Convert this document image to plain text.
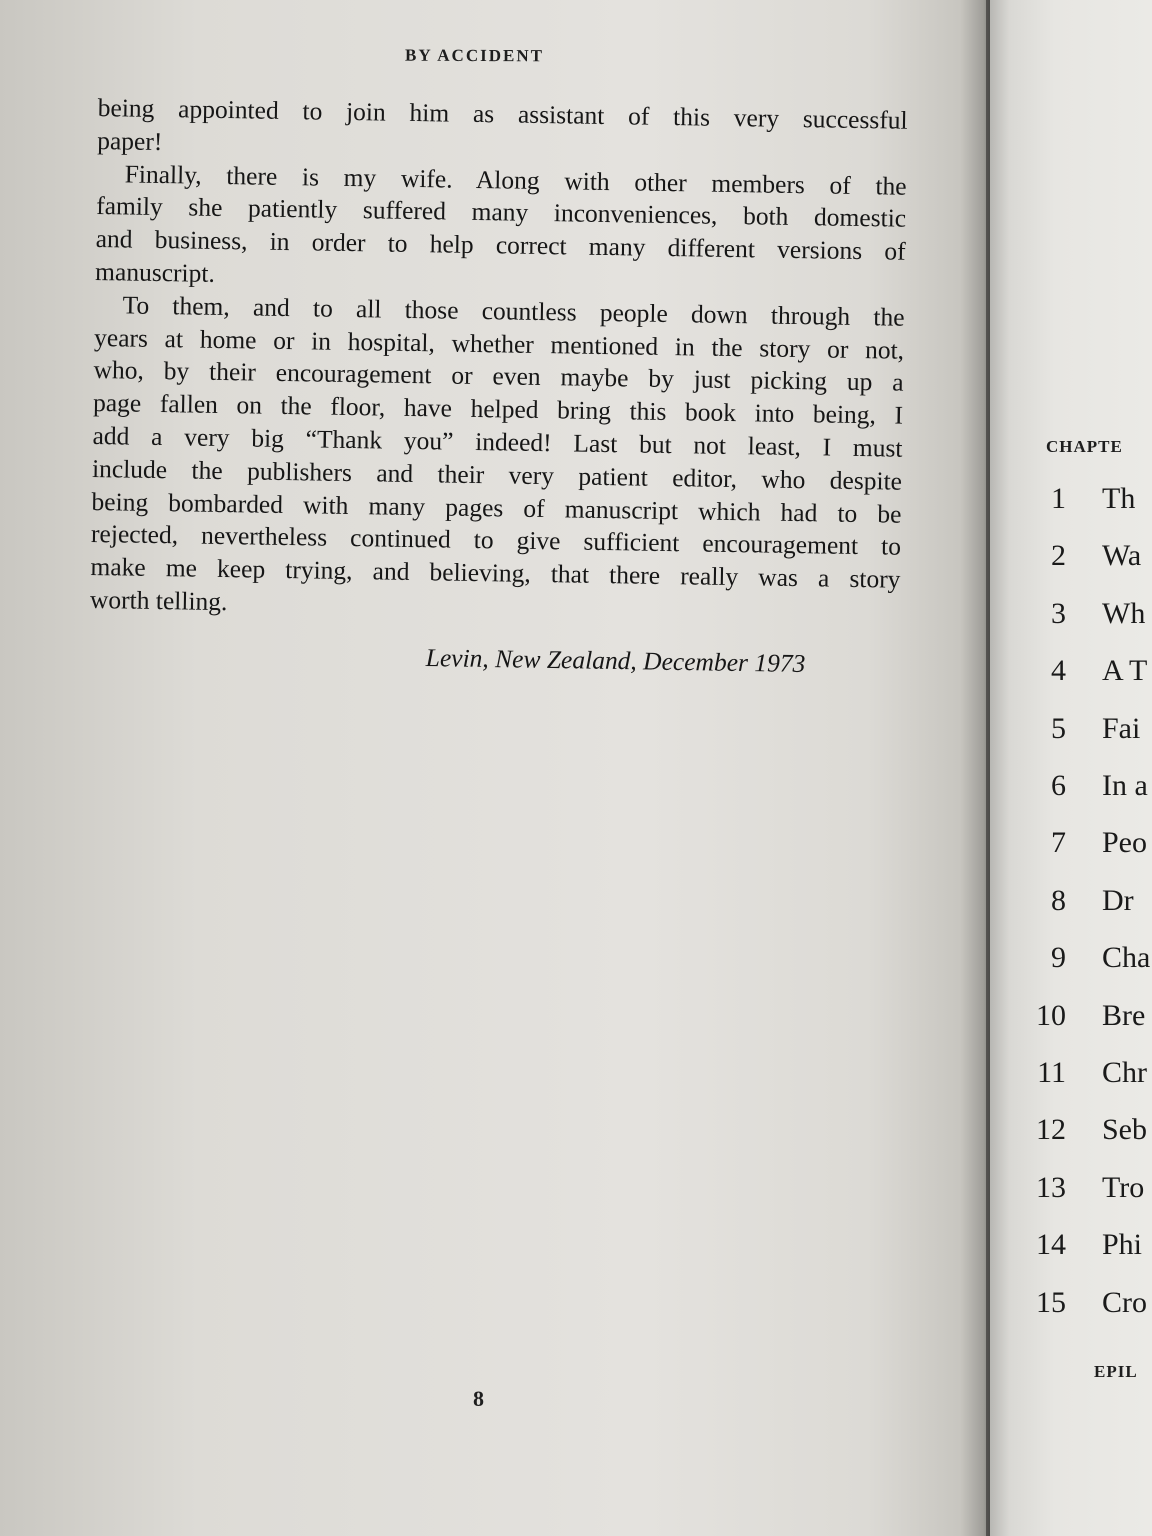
BY ACCIDENT
being appointed to join him as assistant of this very successful
paper!
Finally, there is my wife. Along with other members of the
family she patiently suffered many inconveniences, both domestic
and business, in order to help correct many different versions of
manuscript.
To them, and to all those countless people down through the
years at home or in hospital, whether mentioned in the story or not,
who, by their encouragement or even maybe by just picking up a
page fallen on the floor, have helped bring this book into being, I
add a very big “Thank you” indeed! Last but not least, I must
include the publishers and their very patient editor, who despite
being bombarded with many pages of manuscript which had to be
rejected, nevertheless continued to give sufficient encouragement to
make me keep trying, and believing, that there really was a story
worth telling.
Levin, New Zealand, December 1973
8
CHAPTE
1 Th
2 Wa
3 Wh
4 A T
5 Fai
6 In a
7 Peo
8 Dr
9 Cha
10 Bre
11 Chr
12 Seb
13 Tro
14 Phi
15 Cro
EPIL
